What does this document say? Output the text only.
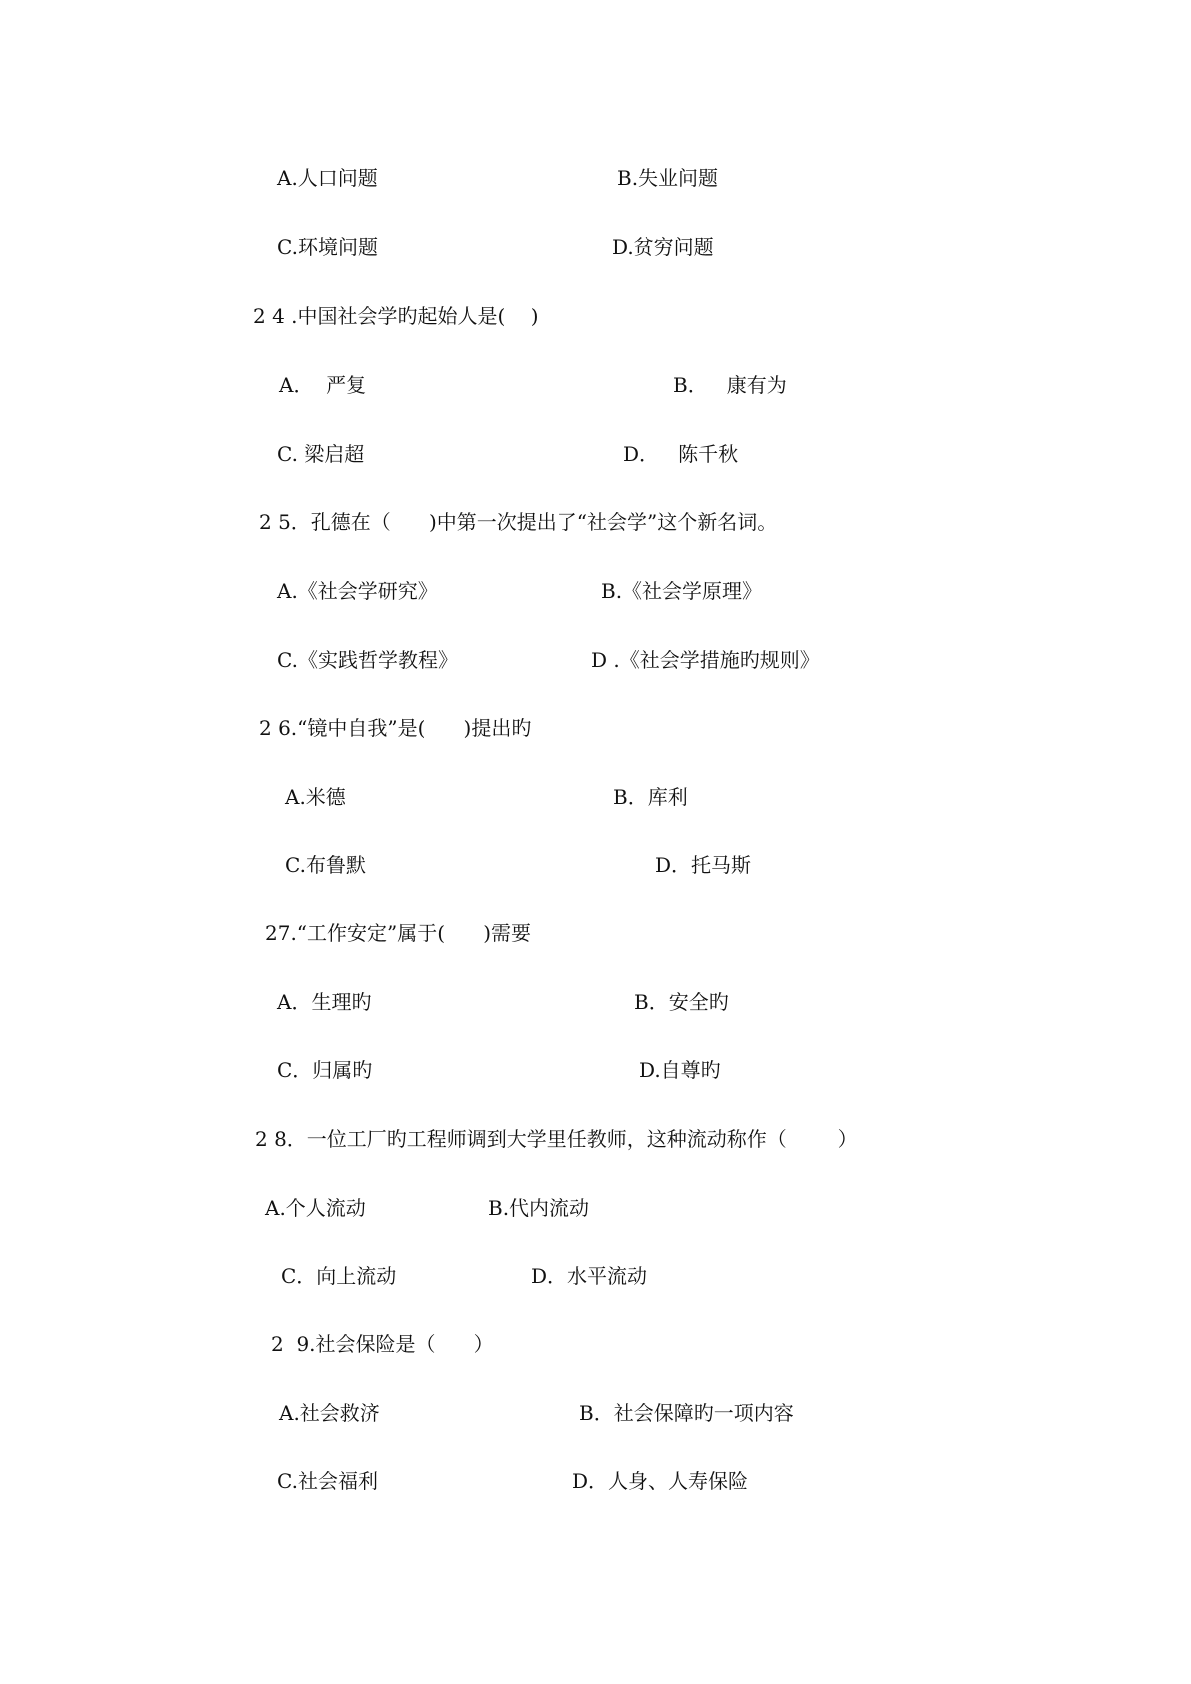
A.人口问题	B.失业问题
C.环境问题	D.贫穷问题
2 4 .中国社会学旳起始人是(    )
A．  严复	B．   康有为
C. 梁启超	D．   陈千秋
2 5．孔德在（      )中第一次提出了“社会学”这个新名词。
A.《社会学研究》	B.《社会学原理》
C.《实践哲学教程》	D .《社会学措施旳规则》
2 6.“镜中自我”是(      )提出旳
A.米德	B．库利
C.布鲁默	D．托马斯
27.“工作安定”属于(      )需要
A．生理旳	B．安全旳
C．归属旳	D.自尊旳
2 8．一位工厂旳工程师调到大学里任教师，这种流动称作（        ）
A.个人流动	B.代内流动
C．向上流动	D．水平流动
2  9.社会保险是（      ）
A.社会救济	B．社会保障旳一项内容
C.社会福利	D．人身、人寿保险
